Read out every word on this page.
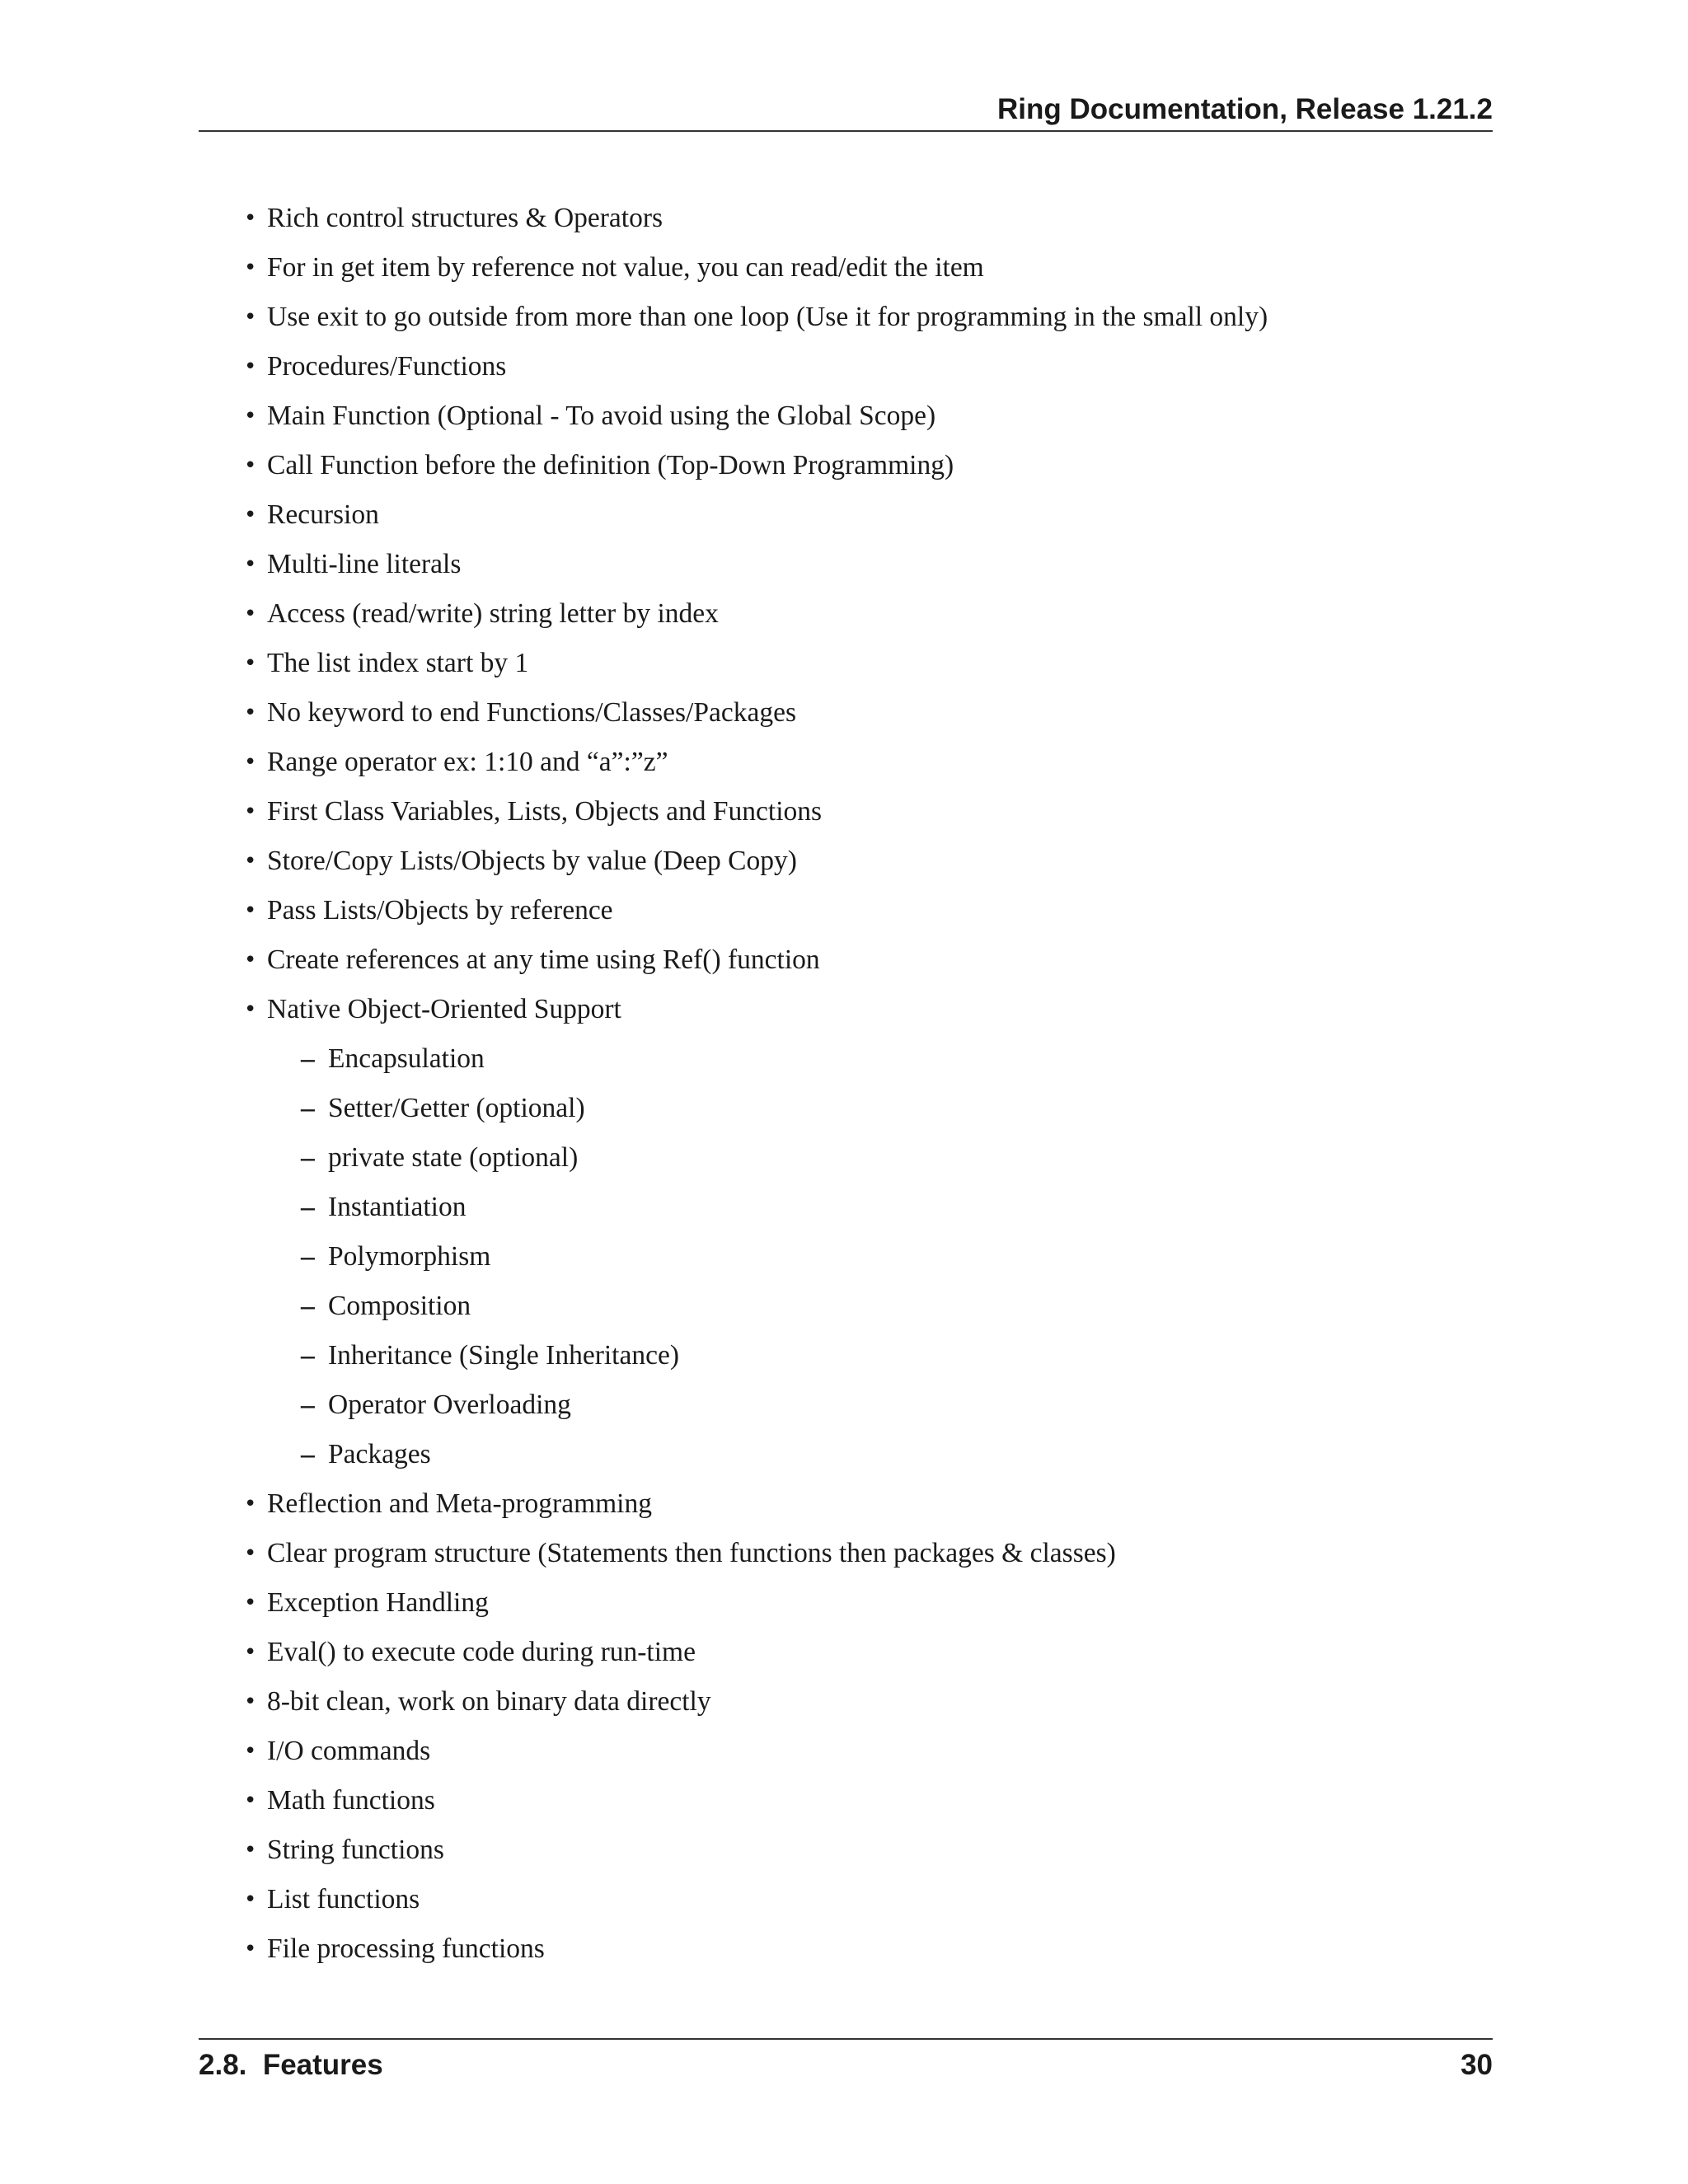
Ring Documentation, Release 1.21.2
• Rich control structures & Operators
• For in get item by reference not value, you can read/edit the item
• Use exit to go outside from more than one loop (Use it for programming in the small only)
• Procedures/Functions
• Main Function (Optional - To avoid using the Global Scope)
• Call Function before the definition (Top-Down Programming)
• Recursion
• Multi-line literals
• Access (read/write) string letter by index
• The list index start by 1
• No keyword to end Functions/Classes/Packages
• Range operator ex: 1:10 and “a”:”z”
• First Class Variables, Lists, Objects and Functions
• Store/Copy Lists/Objects by value (Deep Copy)
• Pass Lists/Objects by reference
• Create references at any time using Ref() function
• Native Object-Oriented Support
– Encapsulation
– Setter/Getter (optional)
– private state (optional)
– Instantiation
– Polymorphism
– Composition
– Inheritance (Single Inheritance)
– Operator Overloading
– Packages
• Reflection and Meta-programming
• Clear program structure (Statements then functions then packages & classes)
• Exception Handling
• Eval() to execute code during run-time
• 8-bit clean, work on binary data directly
• I/O commands
• Math functions
• String functions
• List functions
• File processing functions
2.8.  Features	30
